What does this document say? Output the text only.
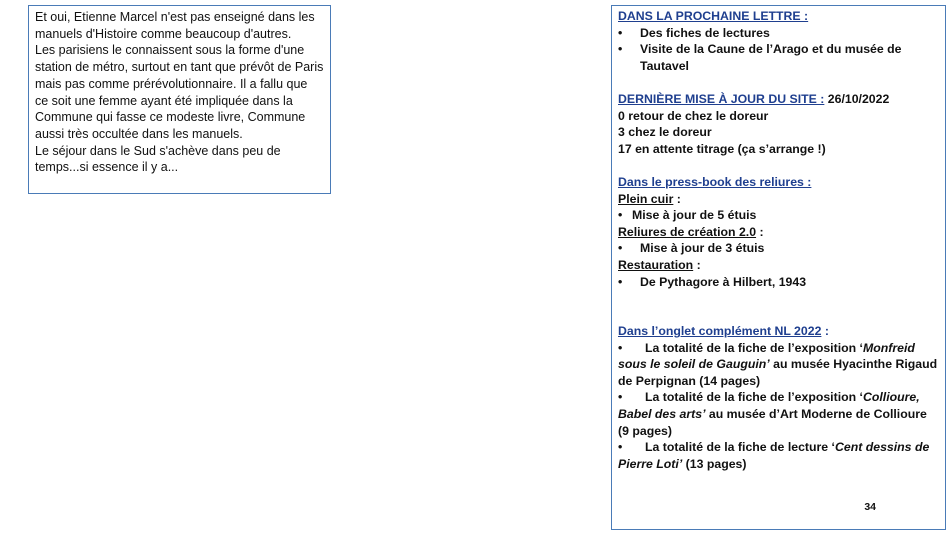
Et oui, Etienne Marcel n'est pas enseigné dans les manuels d'Histoire comme beaucoup d'autres.
Les parisiens le connaissent sous la forme d'une station de métro, surtout en tant que prévôt de Paris mais pas comme prérévolutionnaire. Il a fallu que ce soit une femme ayant été impliquée dans la Commune qui fasse ce modeste livre, Commune aussi très occultée dans les manuels.
Le séjour dans le Sud s'achève dans peu de temps...si essence il y a...

DANS LA PROCHAINE LETTRE :
•	Des fiches de lectures
•	Visite de la Caune de l’Arago et du musée de Tautavel
DERNIÈRE MISE À JOUR DU SITE : 26/10/2022
0 retour de chez le doreur
3 chez le doreur
17 en attente titrage (ça s’arrange !)
Dans le press-book des reliures :
Plein cuir :
• Mise à jour de 5 étuis
Reliures de création 2.0 :
•	Mise à jour de 3 étuis
Restauration :
•	De Pythagore à Hilbert, 1943
Dans l’onglet complément NL 2022 :
• La totalité de la fiche de l’exposition ‘Monfreid sous le soleil de Gauguin’ au musée Hyacinthe Rigaud de Perpignan (14 pages)
• La totalité de la fiche de l’exposition ‘Collioure, Babel des arts’ au musée d’Art Moderne de Collioure (9 pages)
• La totalité de la fiche de lecture ‘Cent dessins de Pierre Loti’ (13 pages)
34
